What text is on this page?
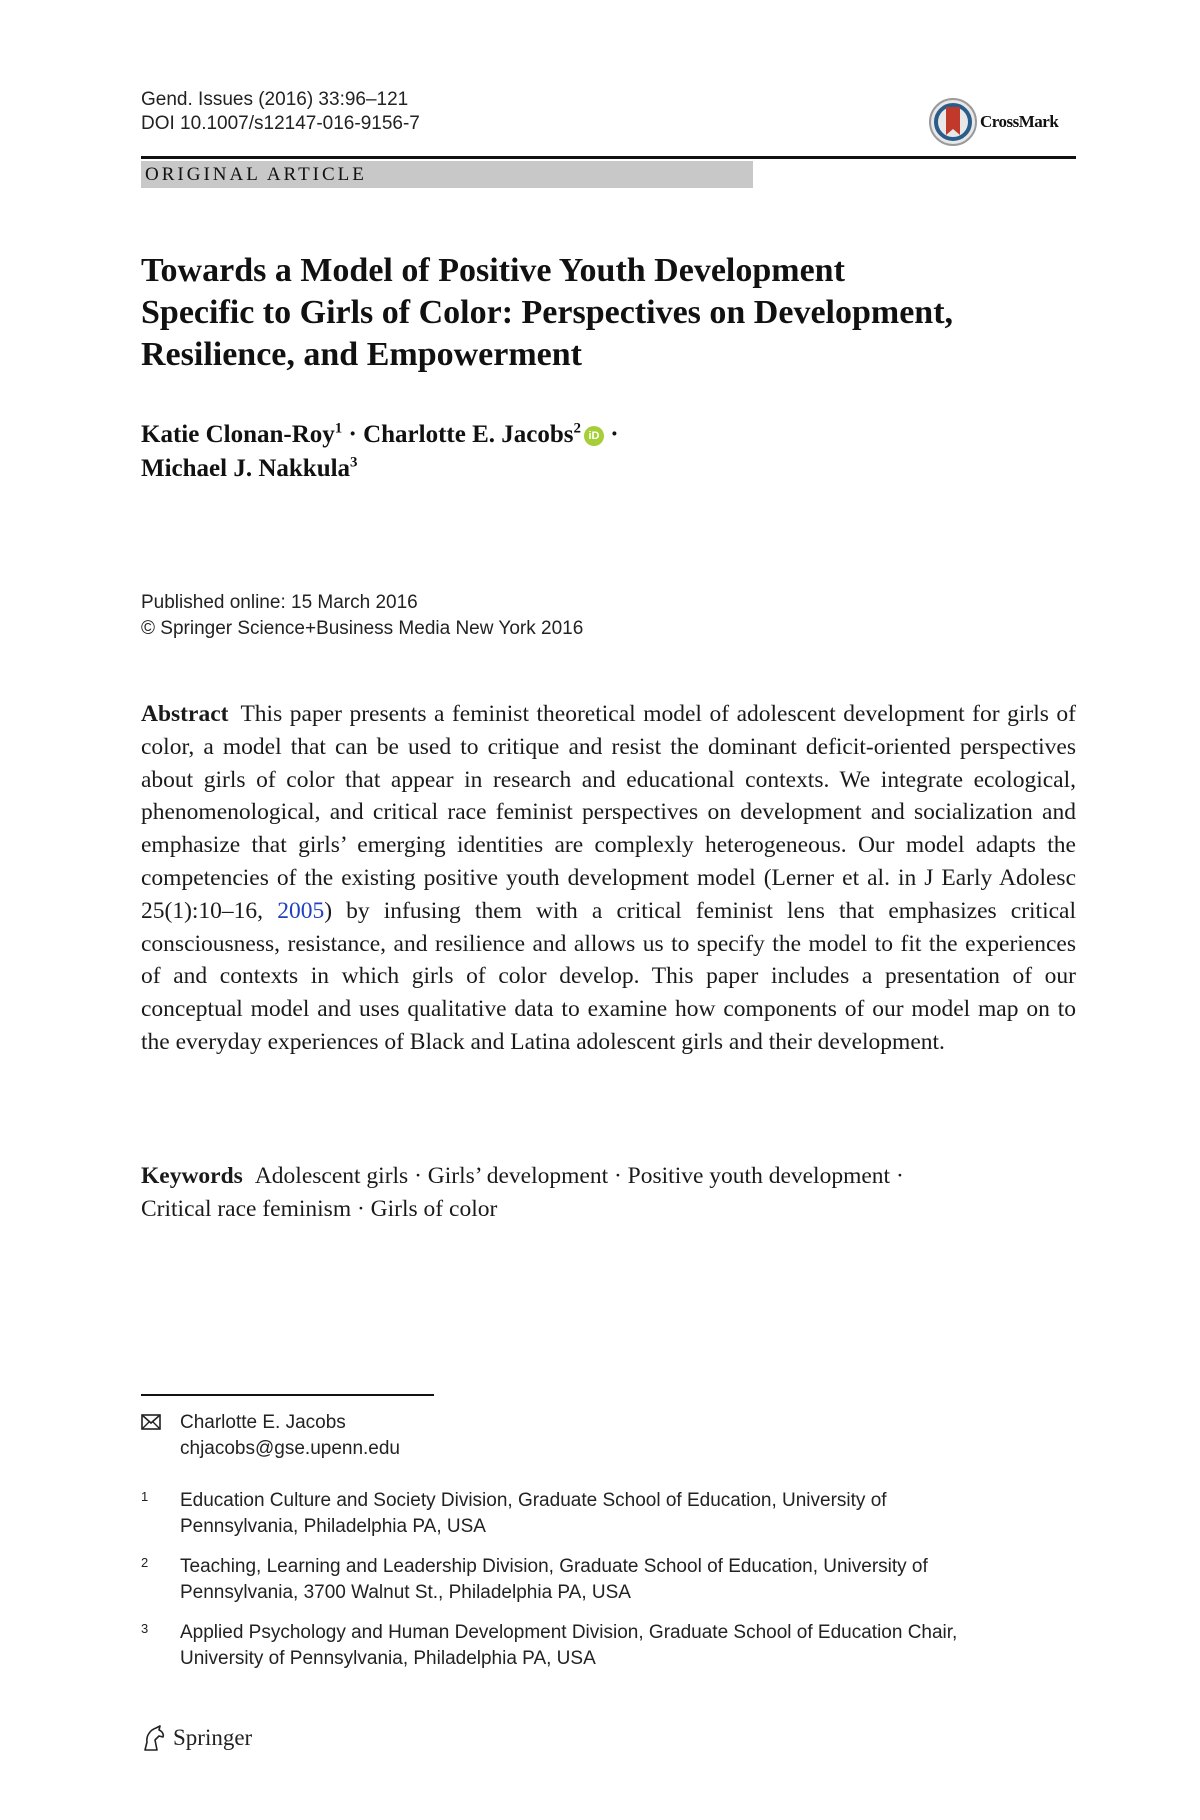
Gend. Issues (2016) 33:96–121
DOI 10.1007/s12147-016-9156-7	CrossMark
ORIGINAL ARTICLE
Towards a Model of Positive Youth Development
Specific to Girls of Color: Perspectives on Development,
Resilience, and Empowerment
Katie Clonan-Roy$^1$ · Charlotte E. Jacobs$^2$ iD ·
Michael J. Nakkula$^3$
Published online: 15 March 2016
© Springer Science+Business Media New York 2016
Abstract This paper presents a feminist theoretical model of adolescent development for girls of color, a model that can be used to critique and resist the dominant deficit-oriented perspectives about girls of color that appear in research and educational contexts. We integrate ecological, phenomenological, and critical race feminist perspectives on development and socialization and emphasize that girls’ emerging identities are complexly heterogeneous. Our model adapts the competencies of the existing positive youth development model (Lerner et al. in J Early Adolesc 25(1):10–16, 2005) by infusing them with a critical feminist lens that emphasizes critical consciousness, resistance, and resilience and allows us to specify the model to fit the experiences of and contexts in which girls of color develop. This paper includes a presentation of our conceptual model and uses qualitative data to examine how components of our model map on to the everyday experiences of Black and Latina adolescent girls and their development.
Keywords Adolescent girls · Girls’ development · Positive youth development ·
Critical race feminism · Girls of color
Charlotte E. Jacobs
chjacobs@gse.upenn.edu
1 Education Culture and Society Division, Graduate School of Education, University of
Pennsylvania, Philadelphia PA, USA
2 Teaching, Learning and Leadership Division, Graduate School of Education, University of
Pennsylvania, 3700 Walnut St., Philadelphia PA, USA
3 Applied Psychology and Human Development Division, Graduate School of Education Chair,
University of Pennsylvania, Philadelphia PA, USA
Springer
